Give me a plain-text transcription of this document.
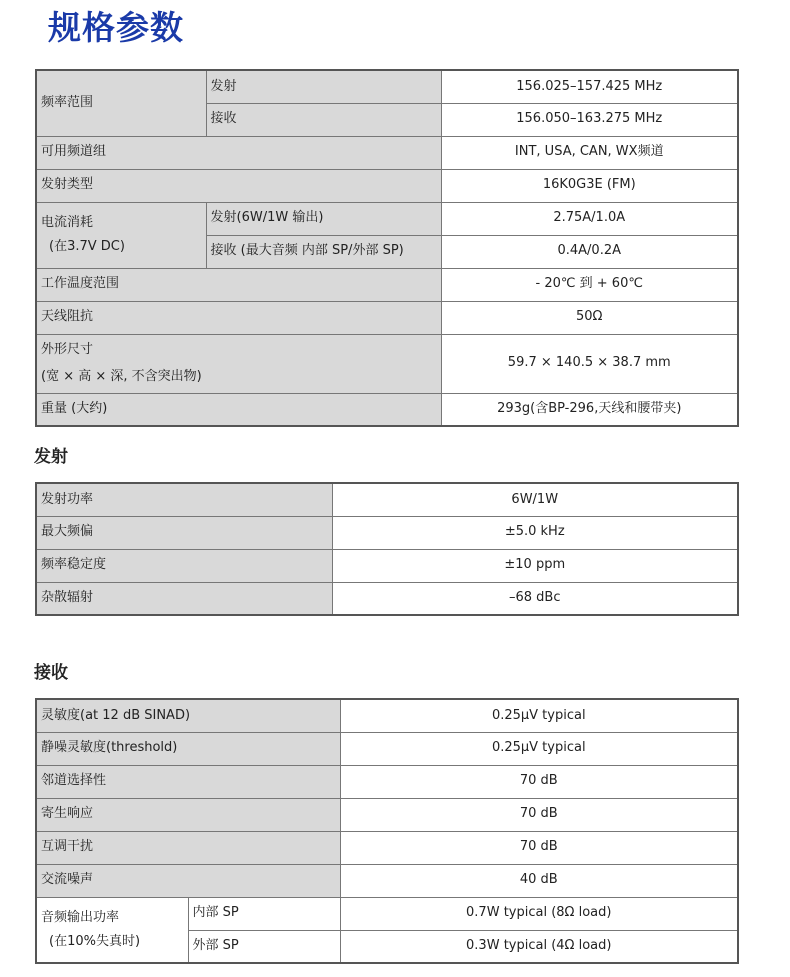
规格参数
频率范围	发射	156.025–157.425 MHz
	接收	156.050–163.275 MHz
可用频道组		INT, USA, CAN, WX频道
发射类型		16K0G3E (FM)

电流消耗
(在3.7V DC)	发射(6W/1W 输出)	2.75A/1.0A
	接收 (最大音频 内部 SP/外部 SP)	0.4A/0.2A
工作温度范围		- 20℃ 到 + 60℃
天线阻抗		50Ω

外形尺寸
(宽 × 高 × 深, 不含突出物)		59.7 × 140.5 × 38.7 mm
重量 (大约)		293g(含BP-296,天线和腰带夹)
发射
发射功率	6W/1W
最大频偏	±5.0 kHz
频率稳定度	±10 ppm
杂散辐射	–68 dBc
接收
灵敏度(at 12 dB SINAD)		0.25μV typical
静噪灵敏度(threshold)		0.25μV typical
邻道选择性		70 dB
寄生响应		70 dB
互调干扰		70 dB
交流噪声		40 dB

音频输出功率
(在10%失真时)	内部 SP	0.7W typical (8Ω load)
	外部 SP	0.3W typical (4Ω load)
